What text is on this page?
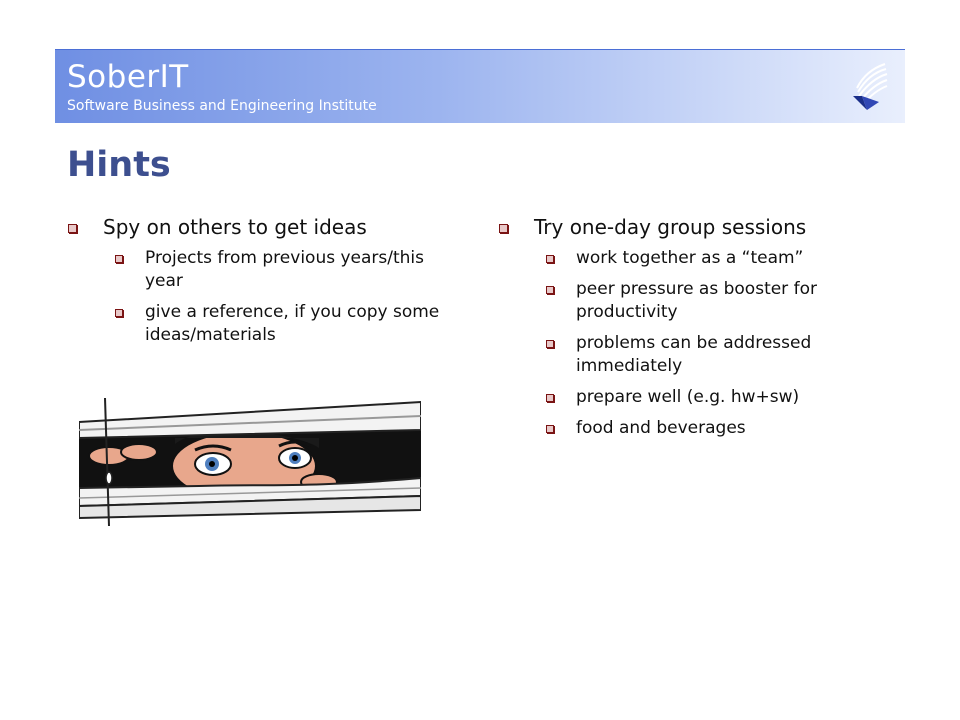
SoberIT
Software Business and Engineering Institute
Hints
Spy on others to get ideas
Projects from previous years/this year
give a reference, if you copy some ideas/materials
Try one-day group sessions
work together as a “team”
peer pressure as booster for productivity
problems can be addressed immediately
prepare well (e.g. hw+sw)
food and beverages
